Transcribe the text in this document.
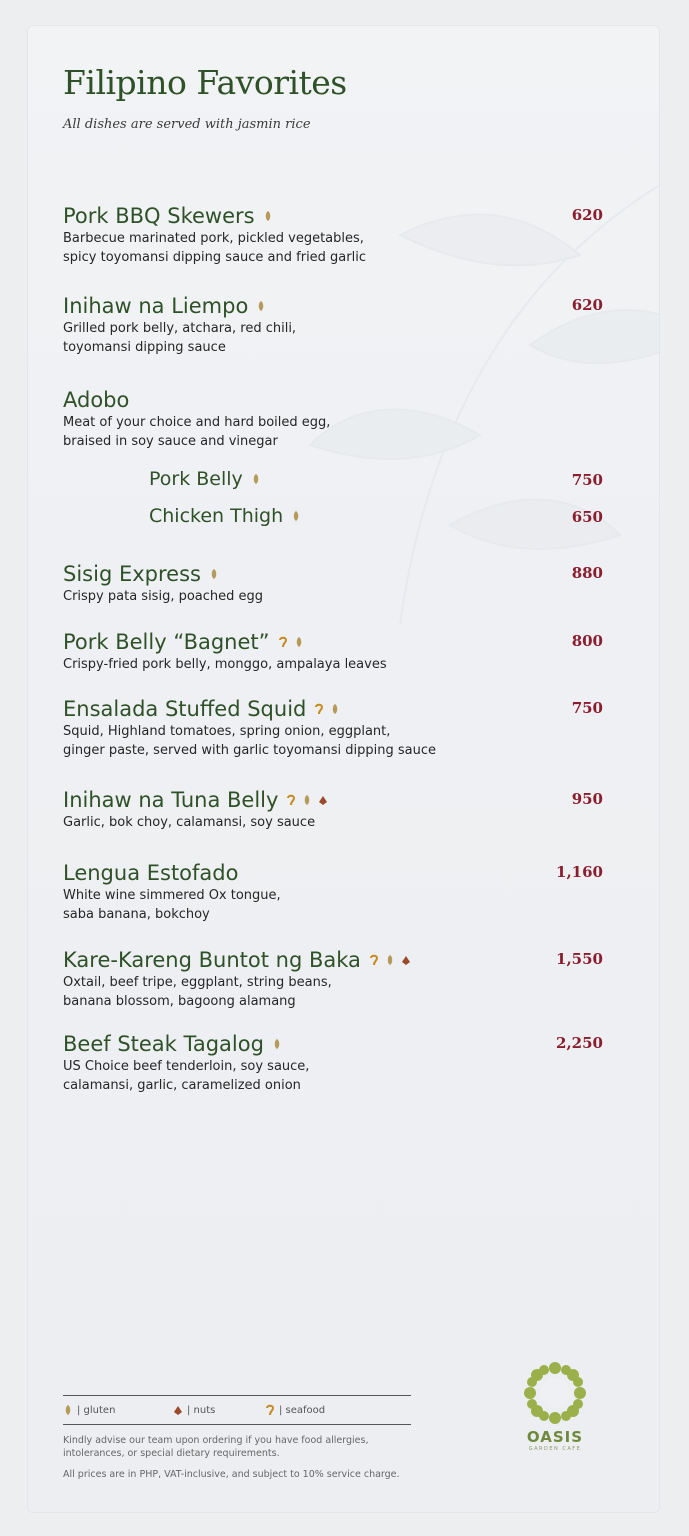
Filipino Favorites
All dishes are served with jasmin rice
Pork BBQ Skewers
Barbecue marinated pork, pickled vegetables,
spicy toyomansi dipping sauce and fried garlic
620
Inihaw na Liempo
Grilled pork belly, atchara, red chili,
toyomansi dipping sauce
620
Adobo
Meat of your choice and hard boiled egg,
braised in soy sauce and vinegar
Pork Belly	750
Chicken Thigh	650
Sisig Express
Crispy pata sisig, poached egg
880
Pork Belly “Bagnet”
Crispy-fried pork belly, monggo, ampalaya leaves
800
Ensalada Stuffed Squid
Squid, Highland tomatoes, spring onion, eggplant,
ginger paste, served with garlic toyomansi dipping sauce
750
Inihaw na Tuna Belly
Garlic, bok choy, calamansi, soy sauce
950
Lengua Estofado
White wine simmered Ox tongue,
saba banana, bokchoy
1,160
Kare-Kareng Buntot ng Baka
Oxtail, beef tripe, eggplant, string beans,
banana blossom, bagoong alamang
1,550
Beef Steak Tagalog
US Choice beef tenderloin, soy sauce,
calamansi, garlic, caramelized onion
2,250
| gluten	| nuts	| seafood
Kindly advise our team upon ordering if you have food allergies,
intolerances, or special dietary requirements.
All prices are in PHP, VAT-inclusive, and subject to 10% service charge.
OASIS
GARDEN CAFE
